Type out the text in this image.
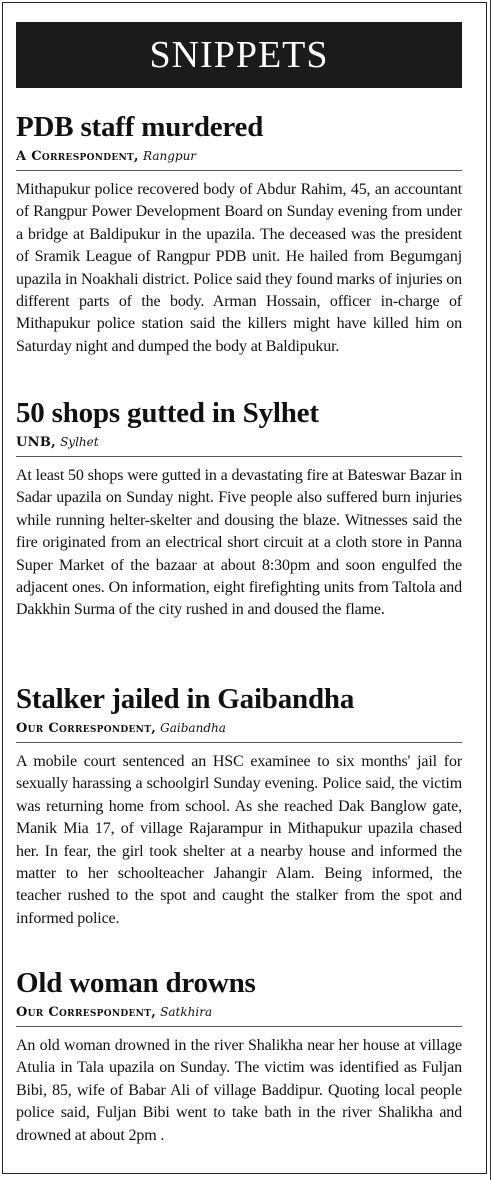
SNIPPETS
PDB staff murdered
A Correspondent, Rangpur
Mithapukur police recovered body of Abdur Rahim, 45, an accountant of Rangpur Power Development Board on Sunday evening from under a bridge at Baldipukur in the upazila. The deceased was the president of Sramik League of Rangpur PDB unit. He hailed from Begumganj upazila in Noakhali district. Police said they found marks of injuries on different parts of the body. Arman Hossain, officer in-charge of Mithapukur police station said the killers might have killed him on Saturday night and dumped the body at Baldipukur.
50 shops gutted in Sylhet
UNB, Sylhet
At least 50 shops were gutted in a devastating fire at Bateswar Bazar in Sadar upazila on Sunday night. Five people also suffered burn injuries while running helter-skelter and dousing the blaze. Witnesses said the fire originated from an electrical short circuit at a cloth store in Panna Super Market of the bazaar at about 8:30pm and soon engulfed the adjacent ones. On information, eight firefighting units from Taltola and Dakkhin Surma of the city rushed in and doused the flame.
Stalker jailed in Gaibandha
Our Correspondent, Gaibandha
A mobile court sentenced an HSC examinee to six months' jail for sexually harassing a schoolgirl Sunday evening. Police said, the victim was returning home from school. As she reached Dak Banglow gate, Manik Mia 17, of village Rajarampur in Mithapukur upazila chased her. In fear, the girl took shelter at a nearby house and informed the matter to her schoolteacher Jahangir Alam. Being informed, the teacher rushed to the spot and caught the stalker from the spot and informed police.
Old woman drowns
Our Correspondent, Satkhira
An old woman drowned in the river Shalikha near her house at village Atulia in Tala upazila on Sunday. The victim was identified as Fuljan Bibi, 85, wife of Babar Ali of village Baddipur. Quoting local people police said, Fuljan Bibi went to take bath in the river Shalikha and drowned at about 2pm .
